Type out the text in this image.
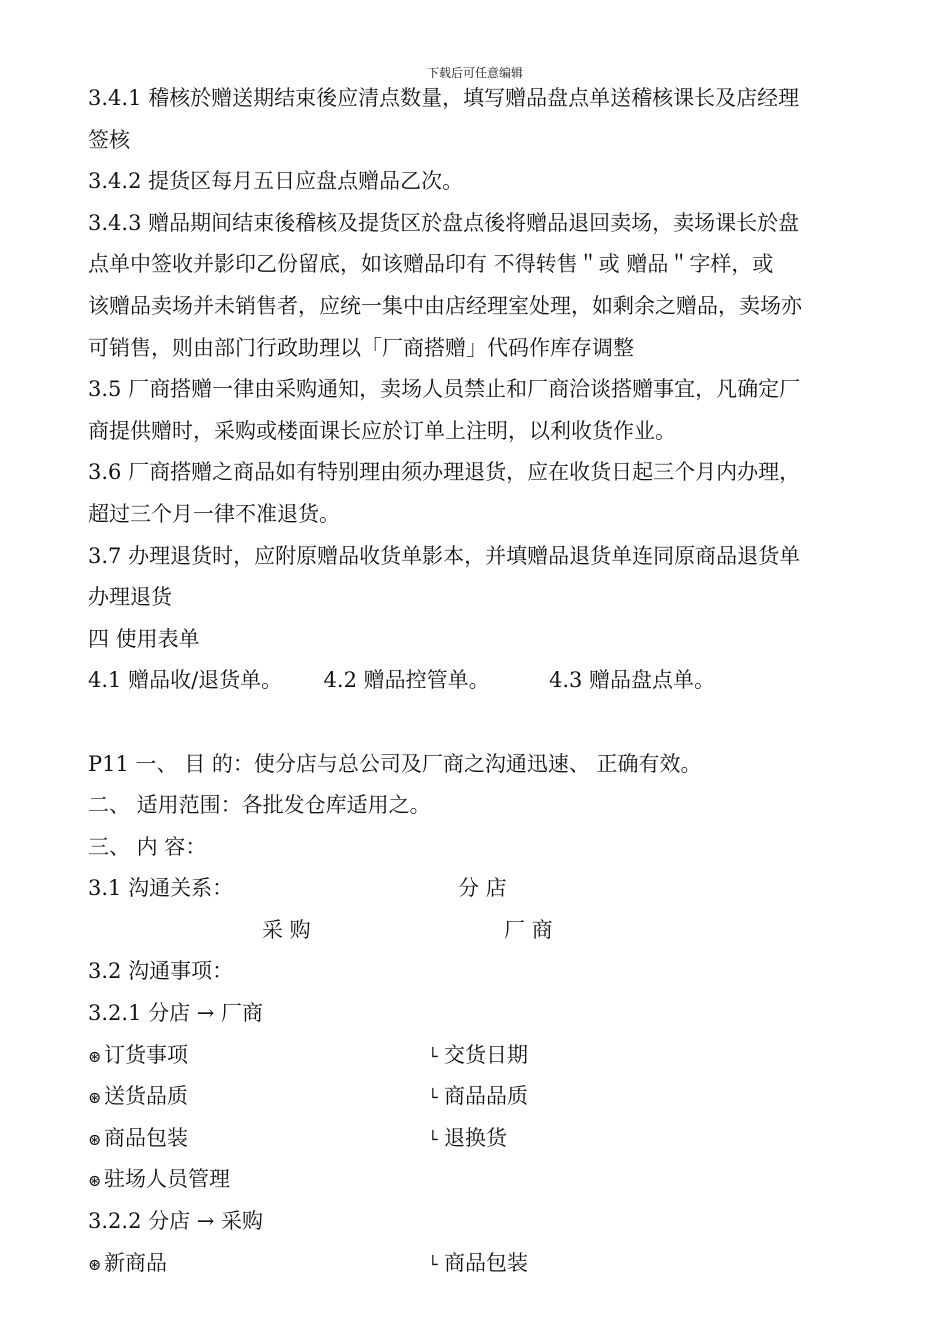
下载后可任意编辑
3.4.1 稽核於赠送期结束後应清点数量，填写赠品盘点单送稽核课长及店经理
签核
3.4.2 提货区每月五日应盘点赠品乙次。
3.4.3 赠品期间结束後稽核及提货区於盘点後将赠品退回卖场，卖场课长於盘
点单中签收并影印乙份留底，如该赠品印有 不得转售＂或 赠品＂字样，或
该赠品卖场并未销售者，应统一集中由店经理室处理，如剩余之赠品，卖场亦
可销售，则由部门行政助理以「厂商搭赠」代码作库存调整
3.5 厂商搭赠一律由采购通知，卖场人员禁止和厂商洽谈搭赠事宜，凡确定厂
商提供赠时，采购或楼面课长应於订单上注明，以利收货作业。
3.6 厂商搭赠之商品如有特别理由须办理退货，应在收货日起三个月内办理，
超过三个月一律不准退货。
3.7 办理退货时，应附原赠品收货单影本，并填赠品退货单连同原商品退货单
办理退货
四 使用表单
4.1 赠品收/退货单。 4.2 赠品控管单。	4.3 赠品盘点单。
P11 一、 目 的：使分店与总公司及厂商之沟通迅速、 正确有效。
二、 适用范围：各批发仓库适用之。
三、 内 容：
3.1 沟通关系：	分 店
采 购	厂 商
3.2 沟通事项：
3.2.1 分店 → 厂商
⊛ 订货事项	└ 交货日期
⊛ 送货品质	└ 商品品质
⊛ 商品包装	└ 退换货
⊛ 驻场人员管理
3.2.2 分店 → 采购
⊛ 新商品	└ 商品包装
